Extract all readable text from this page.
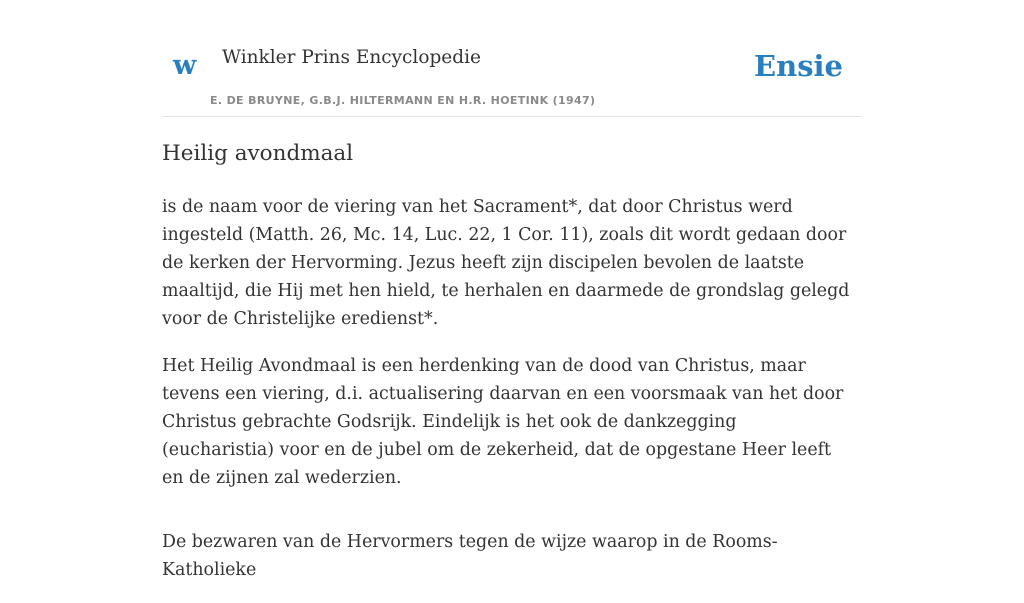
w Winkler Prins Encyclopedie
E. DE BRUYNE, G.B.J. HILTERMANN EN H.R. HOETINK (1947)
Ensie
Heilig avondmaal

is de naam voor de viering van het Sacrament*, dat door Christus werd ingesteld (Matth. 26, Mc. 14, Luc. 22, 1 Cor. 11), zoals dit wordt gedaan door de kerken der Hervorming. Jezus heeft zijn discipelen bevolen de laatste maaltijd, die Hij met hen hield, te herhalen en daarmede de grondslag gelegd voor de Christelijke eredienst*.

Het Heilig Avondmaal is een herdenking van de dood van Christus, maar tevens een viering, d.i. actualisering daarvan en een voorsmaak van het door Christus gebrachte Godsrijk. Eindelijk is het ook de dankzegging (eucharistia) voor en de jubel om de zekerheid, dat de opgestane Heer leeft en de zijnen zal wederzien.

De bezwaren van de Hervormers tegen de wijze waarop in de Rooms-Katholieke
